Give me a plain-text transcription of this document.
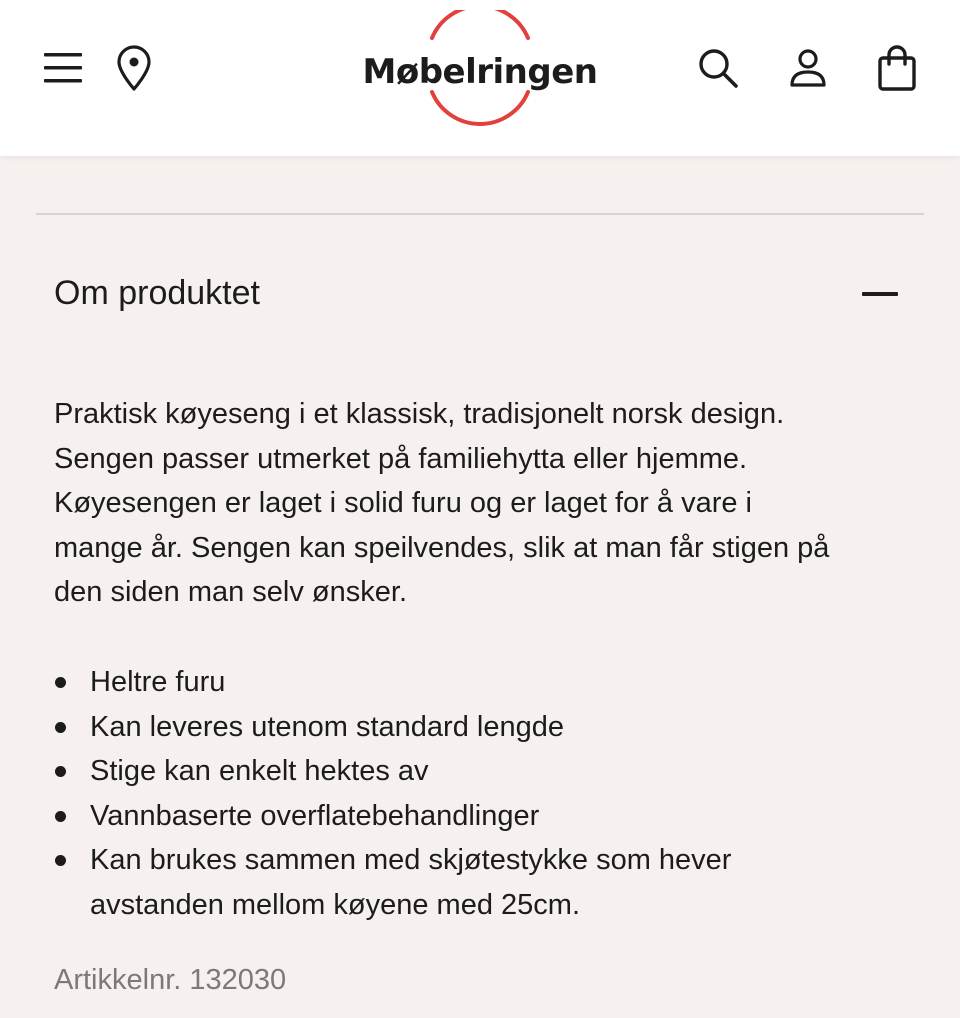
Møbelringen
Om produktet

Praktisk køyeseng i et klassisk, tradisjonelt norsk design. Sengen passer utmerket på familiehytta eller hjemme. Køyesengen er laget i solid furu og er laget for å vare i mange år. Sengen kan speilvendes, slik at man får stigen på den siden man selv ønsker.

Heltre furu
Kan leveres utenom standard lengde
Stige kan enkelt hektes av
Vannbaserte overflatebehandlinger
Kan brukes sammen med skjøtestykke som hever avstanden mellom køyene med 25cm.
Artikkelnr. 132030
